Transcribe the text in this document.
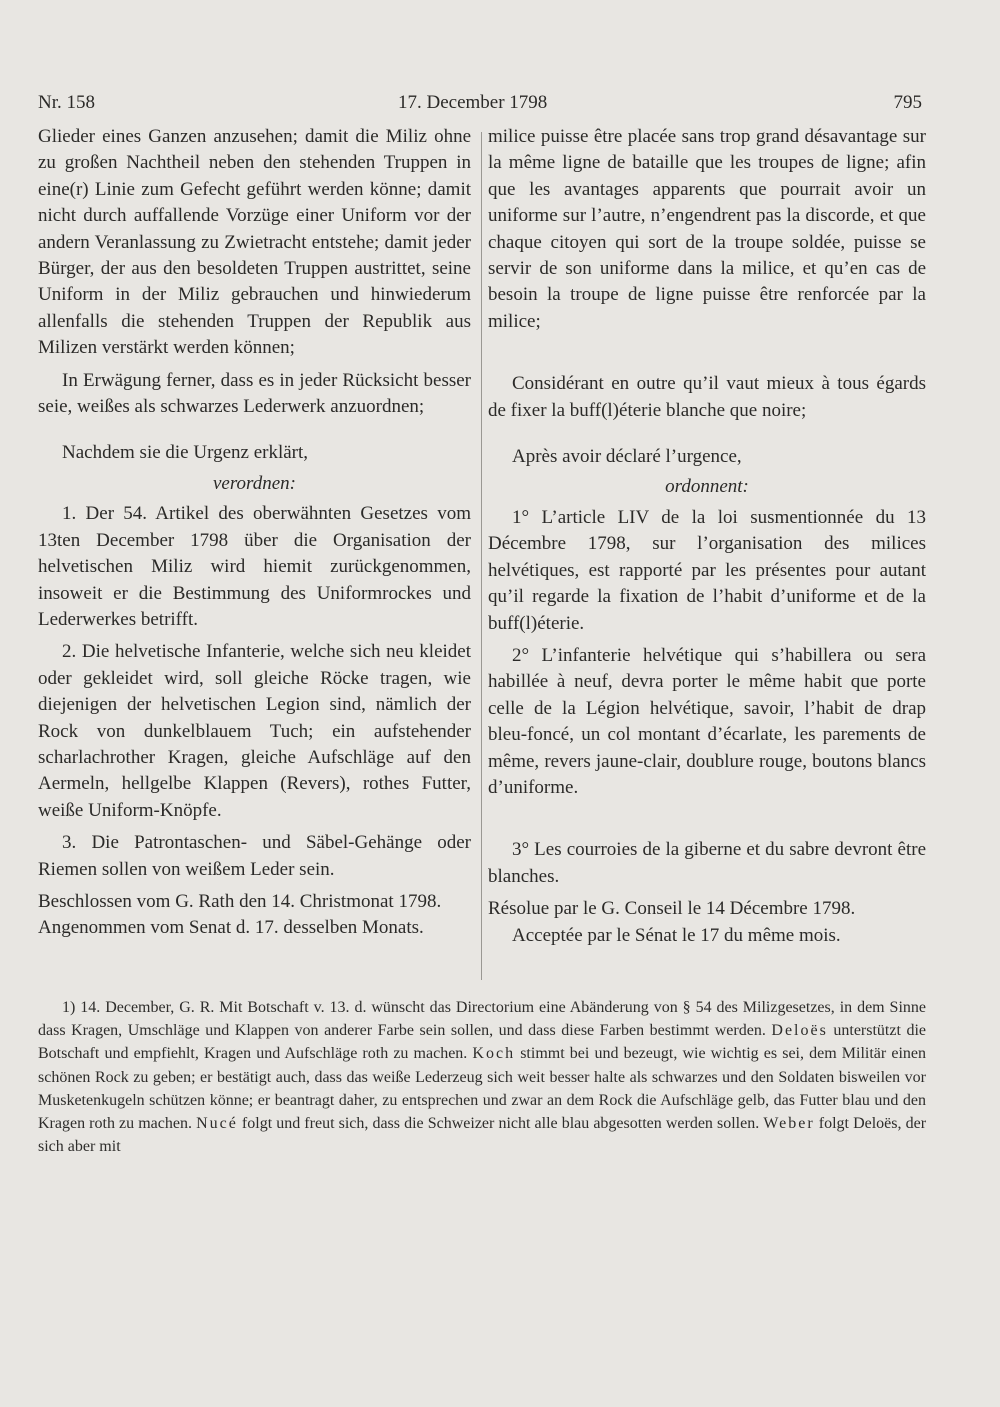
Nr. 158	17. December 1798	795

Glieder eines Ganzen anzusehen; damit die Miliz ohne zu großen Nachtheil neben den stehenden Truppen in eine(r) Linie zum Gefecht geführt werden könne; damit nicht durch auffallende Vorzüge einer Uniform vor der andern Veranlassung zu Zwietracht entstehe; damit jeder Bürger, der aus den besoldeten Truppen austrittet, seine Uniform in der Miliz gebrauchen und hinwiederum allenfalls die stehenden Truppen der Republik aus Milizen verstärkt werden können;

In Erwägung ferner, dass es in jeder Rücksicht besser seie, weißes als schwarzes Lederwerk anzuordnen;

Nachdem sie die Urgenz erklärt,

verordnen:

1. Der 54. Artikel des oberwähnten Gesetzes vom 13ten December 1798 über die Organisation der helvetischen Miliz wird hiemit zurückgenommen, insoweit er die Bestimmung des Uniformrockes und Lederwerkes betrifft.

2. Die helvetische Infanterie, welche sich neu kleidet oder gekleidet wird, soll gleiche Röcke tragen, wie diejenigen der helvetischen Legion sind, nämlich der Rock von dunkelblauem Tuch; ein aufstehender scharlachrother Kragen, gleiche Aufschläge auf den Aermeln, hellgelbe Klappen (Revers), rothes Futter, weiße Uniform-Knöpfe.

3. Die Patrontaschen- und Säbel-Gehänge oder Riemen sollen von weißem Leder sein.

Beschlossen vom G. Rath den 14. Christmonat 1798.

Angenommen vom Senat d. 17. desselben Monats.

milice puisse être placée sans trop grand désavantage sur la même ligne de bataille que les troupes de ligne; afin que les avantages apparents que pourrait avoir un uniforme sur l’autre, n’engendrent pas la discorde, et que chaque citoyen qui sort de la troupe soldée, puisse se servir de son uniforme dans la milice, et qu’en cas de besoin la troupe de ligne puisse être renforcée par la milice;

Considérant en outre qu’il vaut mieux à tous égards de fixer la buff(l)éterie blanche que noire;

Après avoir déclaré l’urgence,

ordonnent:

1° L’article LIV de la loi susmentionnée du 13 Décembre 1798, sur l’organisation des milices helvétiques, est rapporté par les présentes pour autant qu’il regarde la fixation de l’habit d’uniforme et de la buff(l)éterie.

2° L’infanterie helvétique qui s’habillera ou sera habillée à neuf, devra porter le même habit que porte celle de la Légion helvétique, savoir, l’habit de drap bleu-foncé, un col montant d’écarlate, les parements de même, revers jaune-clair, doublure rouge, boutons blancs d’uniforme.

3° Les courroies de la giberne et du sabre devront être blanches.

Résolue par le G. Conseil le 14 Décembre 1798.

Acceptée par le Sénat le 17 du même mois.

1) 14. December, G. R. Mit Botschaft v. 13. d. wünscht das Directorium eine Abänderung von § 54 des Milizgesetzes, in dem Sinne dass Kragen, Umschläge und Klappen von anderer Farbe sein sollen, und dass diese Farben bestimmt werden. Deloës unterstützt die Botschaft und empfiehlt, Kragen und Aufschläge roth zu machen. Koch stimmt bei und bezeugt, wie wichtig es sei, dem Militär einen schönen Rock zu geben; er bestätigt auch, dass das weiße Lederzeug sich weit besser halte als schwarzes und den Soldaten bisweilen vor Musketenkugeln schützen könne; er beantragt daher, zu entsprechen und zwar an dem Rock die Aufschläge gelb, das Futter blau und den Kragen roth zu machen. Nucé folgt und freut sich, dass die Schweizer nicht alle blau abgesotten werden sollen. Weber folgt Deloës, der sich aber mit
